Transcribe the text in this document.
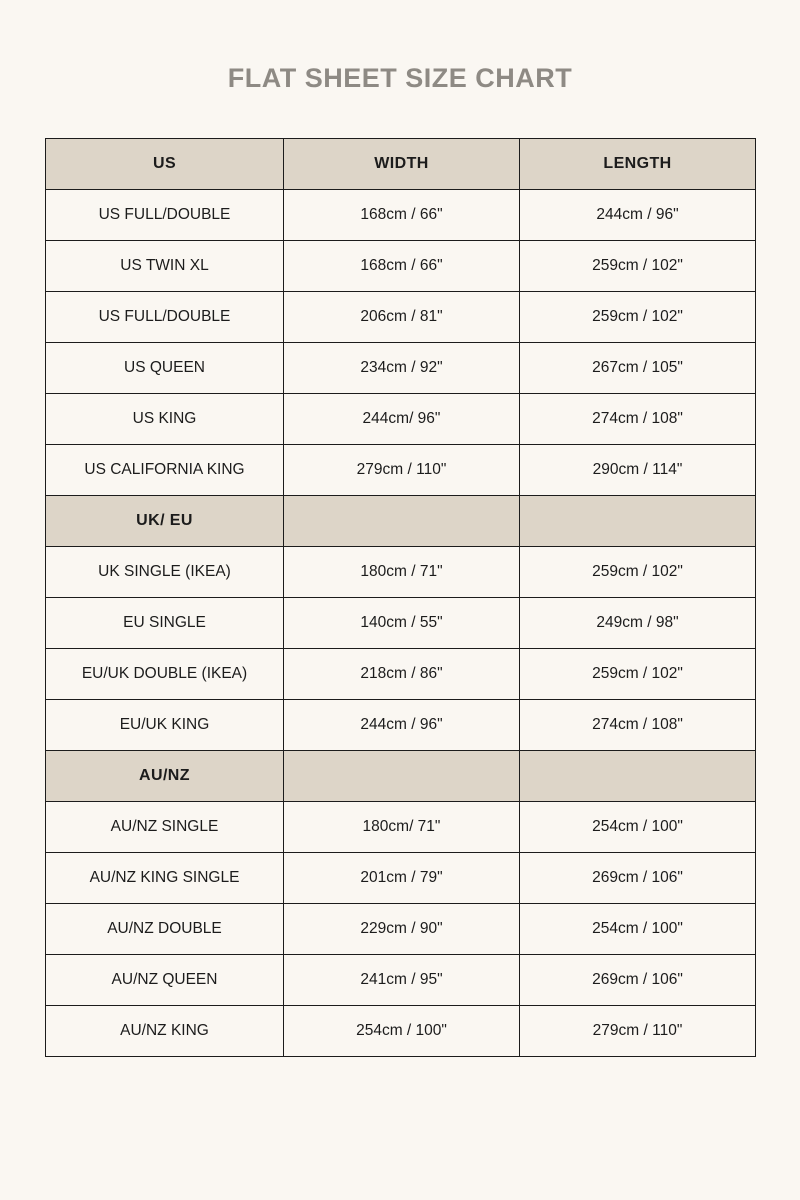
FLAT SHEET SIZE CHART
US	WIDTH	LENGTH
US FULL/DOUBLE	168cm / 66"	244cm / 96"
US TWIN XL	168cm / 66"	259cm / 102"
US FULL/DOUBLE	206cm / 81"	259cm / 102"
US QUEEN	234cm / 92"	267cm / 105"
US KING	244cm/ 96"	274cm / 108"
US CALIFORNIA KING	279cm / 110"	290cm / 114"
UK/ EU		
UK SINGLE (IKEA)	180cm / 71"	259cm / 102"
EU SINGLE	140cm / 55"	249cm / 98"
EU/UK DOUBLE (IKEA)	218cm / 86"	259cm / 102"
EU/UK KING	244cm / 96"	274cm / 108"
AU/NZ		
AU/NZ SINGLE	180cm/ 71"	254cm / 100"
AU/NZ KING SINGLE	201cm / 79"	269cm / 106"
AU/NZ DOUBLE	229cm / 90"	254cm / 100"
AU/NZ QUEEN	241cm / 95"	269cm / 106"
AU/NZ KING	254cm / 100"	279cm / 110"
